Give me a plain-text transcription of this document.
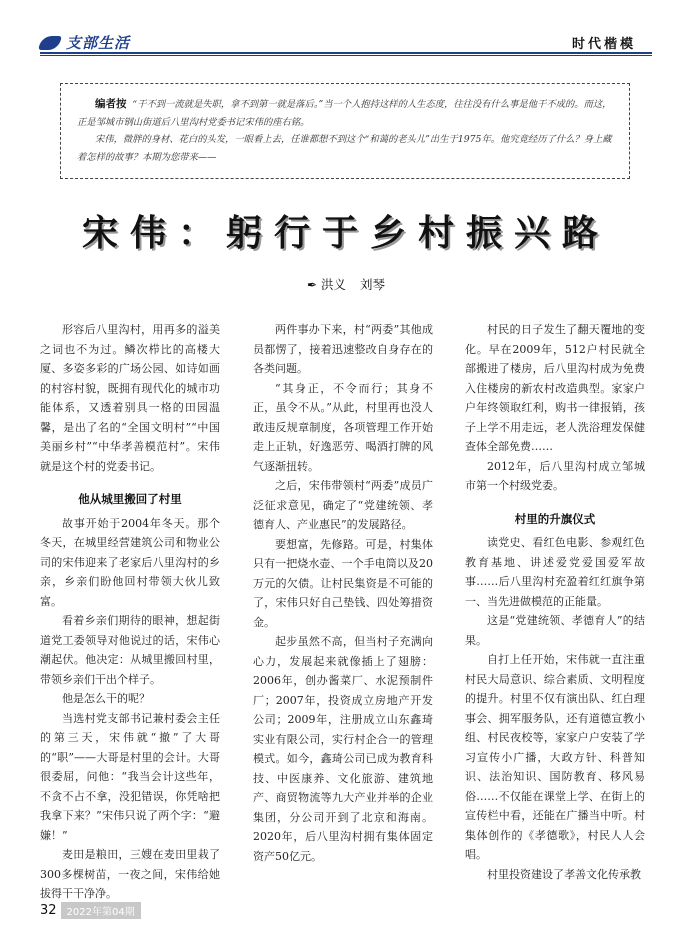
支部生活	时代楷模

编者按 “干不到一流就是失职，拿不到第一就是落后。”当一个人抱持这样的人生态度，往往没有什么事是他干不成的。而这，正是邹城市钢山街道后八里沟村党委书记宋伟的座右铭。

宋伟，微胖的身材、花白的头发，一眼看上去，任谁都想不到这个“和蔼的老头儿”出生于1975年。他究竟经历了什么？身上藏着怎样的故事？本期为您带来——

宋伟：躬行于乡村振兴路
✒ 洪义 刘琴

形容后八里沟村，用再多的溢美之词也不为过。鳞次栉比的高楼大厦、多姿多彩的广场公园、如诗如画的村容村貌，既拥有现代化的城市功能体系，又透着别具一格的田园温馨，是出了名的“全国文明村”“中国美丽乡村”“中华孝善模范村”。宋伟就是这个村的党委书记。

他从城里搬回了村里

故事开始于2004年冬天。那个冬天，在城里经营建筑公司和物业公司的宋伟迎来了老家后八里沟村的乡亲，乡亲们盼他回村带领大伙儿致富。

看着乡亲们期待的眼神，想起街道党工委领导对他说过的话，宋伟心潮起伏。他决定：从城里搬回村里，带领乡亲们干出个样子。

他是怎么干的呢？

当选村党支部书记兼村委会主任的第三天，宋伟就“撤”了大哥的“职”——大哥是村里的会计。大哥很委屈，问他：“我当会计这些年，不贪不占不拿，没犯错误，你凭啥把我拿下来？”宋伟只说了两个字：“避嫌！”

麦田是粮田，三嫂在麦田里栽了300多棵树苗，一夜之间，宋伟给她拔得干干净净。

两件事办下来，村“两委”其他成员都愣了，接着迅速整改自身存在的各类问题。

“其身正，不令而行；其身不正，虽令不从。”从此，村里再也没人敢违反规章制度，各项管理工作开始走上正轨，好逸恶劳、喝酒打牌的风气逐渐扭转。

之后，宋伟带领村“两委”成员广泛征求意见，确定了“党建统领、孝德育人、产业惠民”的发展路径。

要想富，先修路。可是，村集体只有一把烧水壶、一个手电筒以及20万元的欠债。让村民集资是不可能的了，宋伟只好自己垫钱、四处筹措资金。

起步虽然不高，但当村子充满向心力，发展起来就像插上了翅膀：2006年，创办酱菜厂、水泥预制件厂；2007年，投资成立房地产开发公司；2009年，注册成立山东鑫琦实业有限公司，实行村企合一的管理模式。如今，鑫琦公司已成为教育科技、中医康养、文化旅游、建筑地产、商贸物流等九大产业并举的企业集团，分公司开到了北京和海南。2020年，后八里沟村拥有集体固定资产50亿元。

村民的日子发生了翻天覆地的变化。早在2009年，512户村民就全部搬进了楼房，后八里沟村成为免费入住楼房的新农村改造典型。家家户户年终领取红利，购书一律报销，孩子上学不用走远，老人洗浴理发保健查体全部免费……

2012年，后八里沟村成立邹城市第一个村级党委。

村里的升旗仪式

读党史、看红色电影、参观红色教育基地、讲述爱党爱国爱军故事……后八里沟村充盈着红红旗争第一、当先进做模范的正能量。

这是“党建统领、孝德育人”的结果。

自打上任开始，宋伟就一直注重村民大局意识、综合素质、文明程度的提升。村里不仅有演出队、红白理事会、拥军服务队，还有道德宣教小组、村民夜校等，家家户户安装了学习宣传小广播，大政方针、科普知识、法治知识、国防教育、移风易俗……不仅能在课堂上学、在街上的宣传栏中看，还能在广播当中听。村集体创作的《孝德歌》，村民人人会唱。

村里投资建设了孝善文化传承教

32	2022年第04期
